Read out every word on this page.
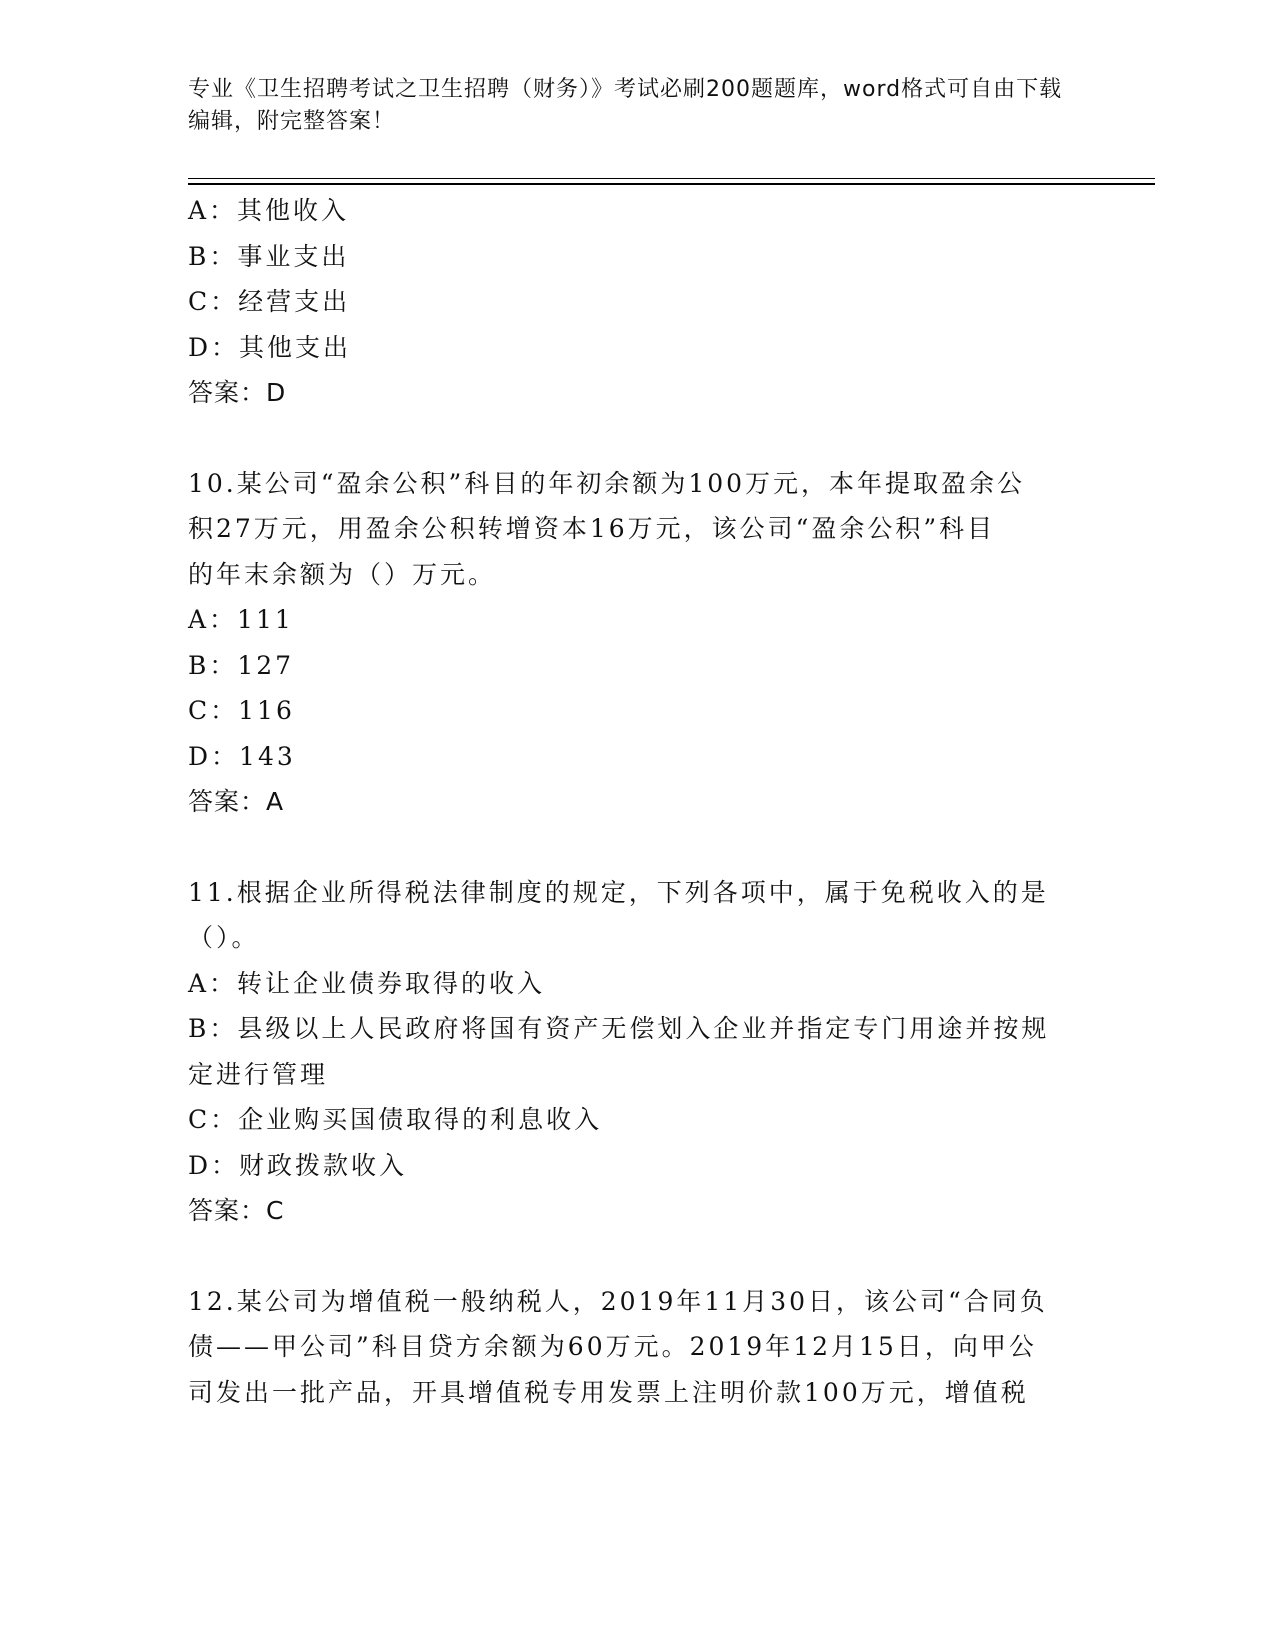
专业《卫生招聘考试之卫生招聘（财务）》考试必刷200题题库，word格式可自由下载编辑，附完整答案！
A：其他收入
B：事业支出
C：经营支出
D：其他支出
答案：D
10.某公司“盈余公积”科目的年初余额为100万元，本年提取盈余公
积27万元，用盈余公积转增资本16万元，该公司“盈余公积”科目
的年末余额为（）万元。
A：111
B：127
C：116
D：143
答案：A
11.根据企业所得税法律制度的规定，下列各项中，属于免税收入的是
（）。
A：转让企业债券取得的收入
B：县级以上人民政府将国有资产无偿划入企业并指定专门用途并按规
定进行管理
C：企业购买国债取得的利息收入
D：财政拨款收入
答案：C
12.某公司为增值税一般纳税人，2019年11月30日，该公司“合同负
债——甲公司”科目贷方余额为60万元。2019年12月15日，向甲公
司发出一批产品，开具增值税专用发票上注明价款100万元，增值税
